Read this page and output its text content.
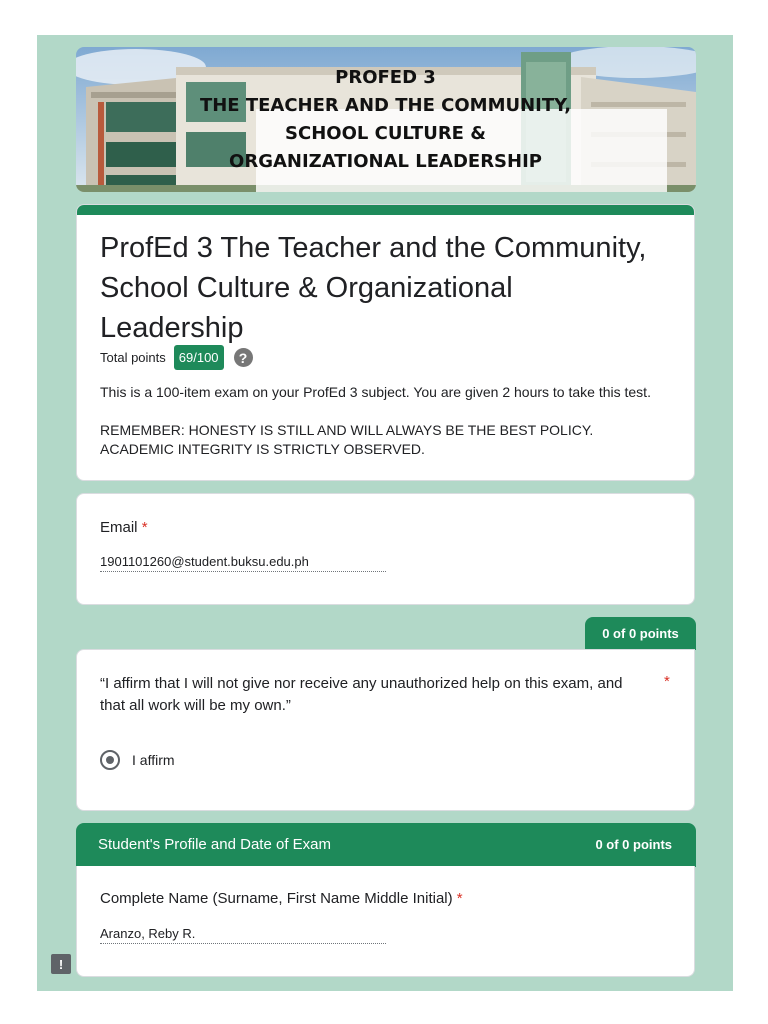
PROFED 3
THE TEACHER AND THE COMMUNITY,
SCHOOL CULTURE &
ORGANIZATIONAL LEADERSHIP
ProfEd 3 The Teacher and the Community, School Culture & Organizational Leadership
Total points	69/100	?
This is a 100-item exam on your ProfEd 3 subject. You are given 2 hours to take this test.
REMEMBER: HONESTY IS STILL AND WILL ALWAYS BE THE BEST POLICY. ACADEMIC INTEGRITY IS STRICTLY OBSERVED.
Email *
1901101260@student.buksu.edu.ph
0 of 0 points
“I affirm that I will not give nor receive any unauthorized help on this exam, and that all work will be my own.”
*
I affirm
Student's Profile and Date of Exam	0 of 0 points
Complete Name (Surname, First Name Middle Initial) *
Aranzo, Reby R.
!
